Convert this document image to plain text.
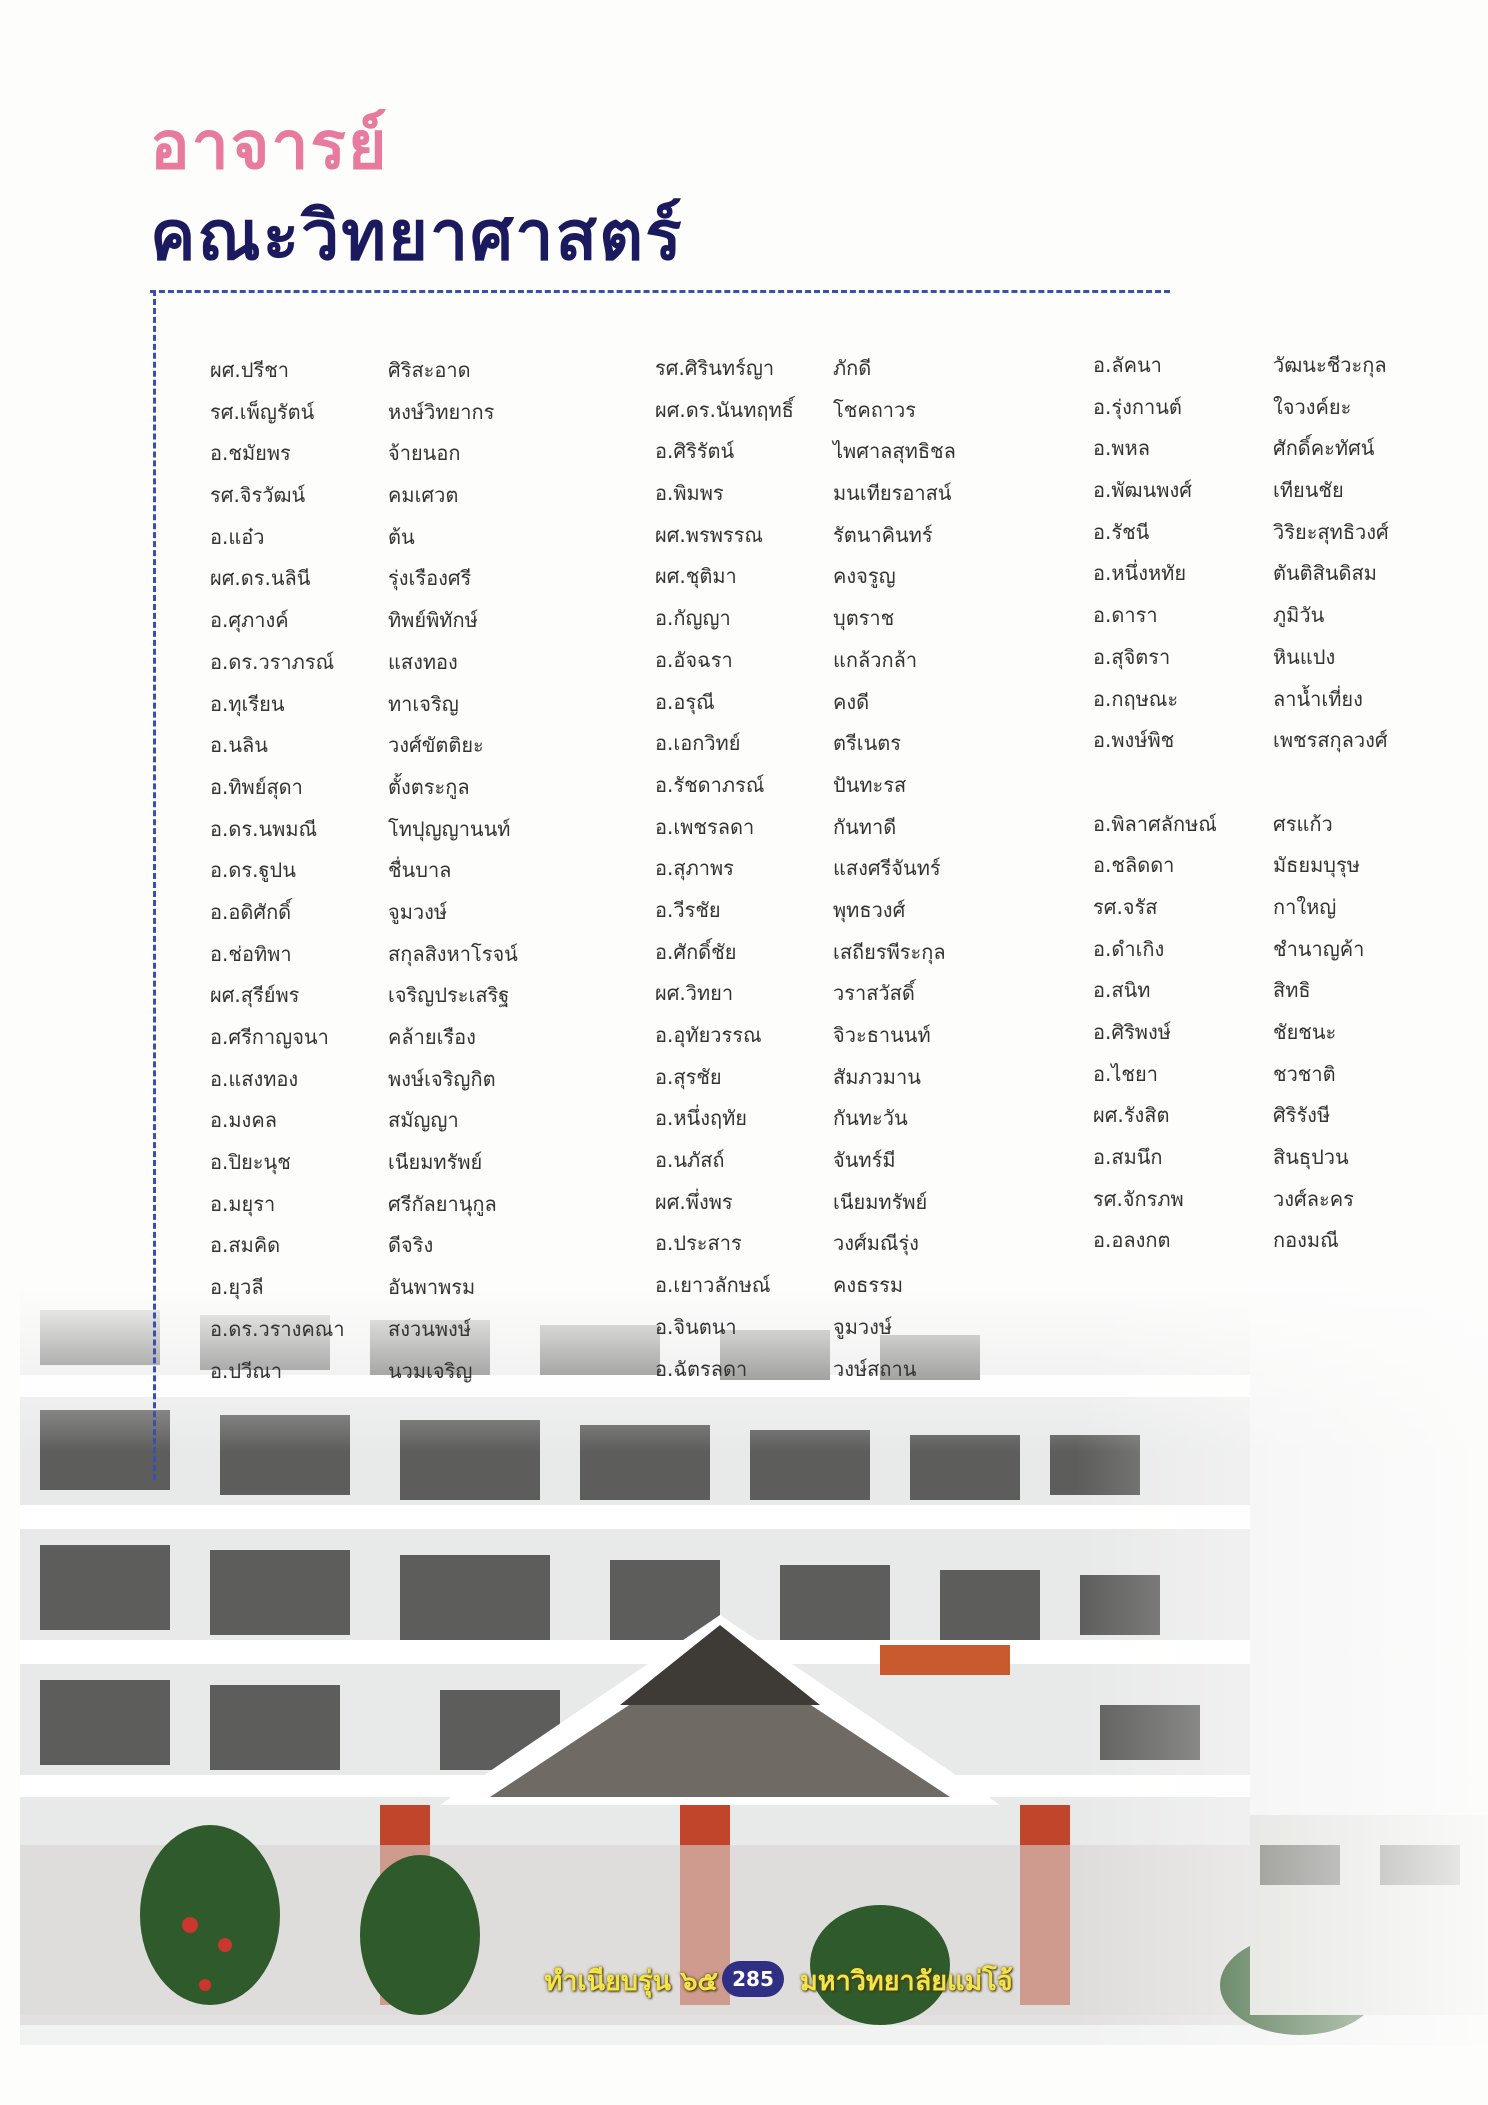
อาจารย์
คณะวิทยาศาสตร์
ผศ.ปรีชา	ศิริสะอาด
รศ.เพ็ญรัตน์	หงษ์วิทยากร
อ.ชมัยพร	จ้ายนอก
รศ.จิรวัฒน์	คมเศวต
อ.แอ๋ว	ต้น
ผศ.ดร.นลินี	รุ่งเรืองศรี
อ.ศุภางค์	ทิพย์พิทักษ์
อ.ดร.วราภรณ์	แสงทอง
อ.ทุเรียน	ทาเจริญ
อ.นลิน	วงศ์ขัตติยะ
อ.ทิพย์สุดา	ตั้งตระกูล
อ.ดร.นพมณี	โทปุญญานนท์
อ.ดร.ฐูปน	ชื่นบาล
อ.อดิศักดิ์	จูมวงษ์
อ.ช่อทิพา	สกุลสิงหาโรจน์
ผศ.สุรีย์พร	เจริญประเสริฐ
อ.ศรีกาญจนา	คล้ายเรือง
อ.แสงทอง	พงษ์เจริญกิต
อ.มงคล	สมัญญา
อ.ปิยะนุช	เนียมทรัพย์
อ.มยุรา	ศรีกัลยานุกูล
อ.สมคิด	ดีจริง
อ.ยุวลี	อันพาพรม
อ.ดร.วรางคณา สงวนพงษ์
อ.ปวีณา	นวมเจริญ
รศ.ศิรินทร์ญา	ภักดี
ผศ.ดร.นันทฤทธิ์ โชคถาวร
อ.ศิริรัตน์	ไพศาลสุทธิชล
อ.พิมพร	มนเทียรอาสน์
ผศ.พรพรรณ	รัตนาคินทร์
ผศ.ชุติมา	คงจรูญ
อ.กัญญา	บุตราช
อ.อัจฉรา	แกล้วกล้า
อ.อรุณี	คงดี
อ.เอกวิทย์	ตรีเนตร
อ.รัชดาภรณ์	ปันทะรส
อ.เพชรลดา	กันทาดี
อ.สุภาพร	แสงศรีจันทร์
อ.วีรชัย	พุทธวงศ์
อ.ศักดิ์ชัย	เสถียรพีระกุล
ผศ.วิทยา	วราสวัสดิ์
อ.อุทัยวรรณ	จิวะธานนท์
อ.สุรชัย	สัมภวมาน
อ.หนึ่งฤทัย	กันทะวัน
อ.นภัสถ์	จันทร์มี
ผศ.พึ่งพร	เนียมทรัพย์
อ.ประสาร	วงศ์มณีรุ่ง
อ.เยาวลักษณ์	คงธรรม
อ.จินตนา	จูมวงษ์
อ.ฉัตรลดา	วงษ์สถาน
อ.ลัคนา	วัฒนะชีวะกุล
อ.รุ่งกานต์	ใจวงค์ยะ
อ.พหล	ศักดิ์คะทัศน์
อ.พัฒนพงศ์	เทียนชัย
อ.รัชนี	วิริยะสุทธิวงศ์
อ.หนึ่งหทัย	ตันติสินดิสม
อ.ดารา	ภูมิวัน
อ.สุจิตรา	หินแปง
อ.กฤษณะ	ลาน้ำเที่ยง
อ.พงษ์พิช	เพชรสกุลวงศ์
อ.พิลาศลักษณ์	ศรแก้ว
อ.ชลิดดา	มัธยมบุรุษ
รศ.จรัส	กาใหญ่
อ.ดำเกิง	ชำนาญค้า
อ.สนิท	สิทธิ
อ.ศิริพงษ์	ชัยชนะ
อ.ไชยา	ชวชาติ
ผศ.รังสิต	ศิริรังษี
อ.สมนึก	สินธุปวน
รศ.จักรภพ	วงศ์ละคร
อ.อลงกต	กองมณี
ทำเนียบรุ่น ๖๕ 285 มหาวิทยาลัยแม่โจ้
